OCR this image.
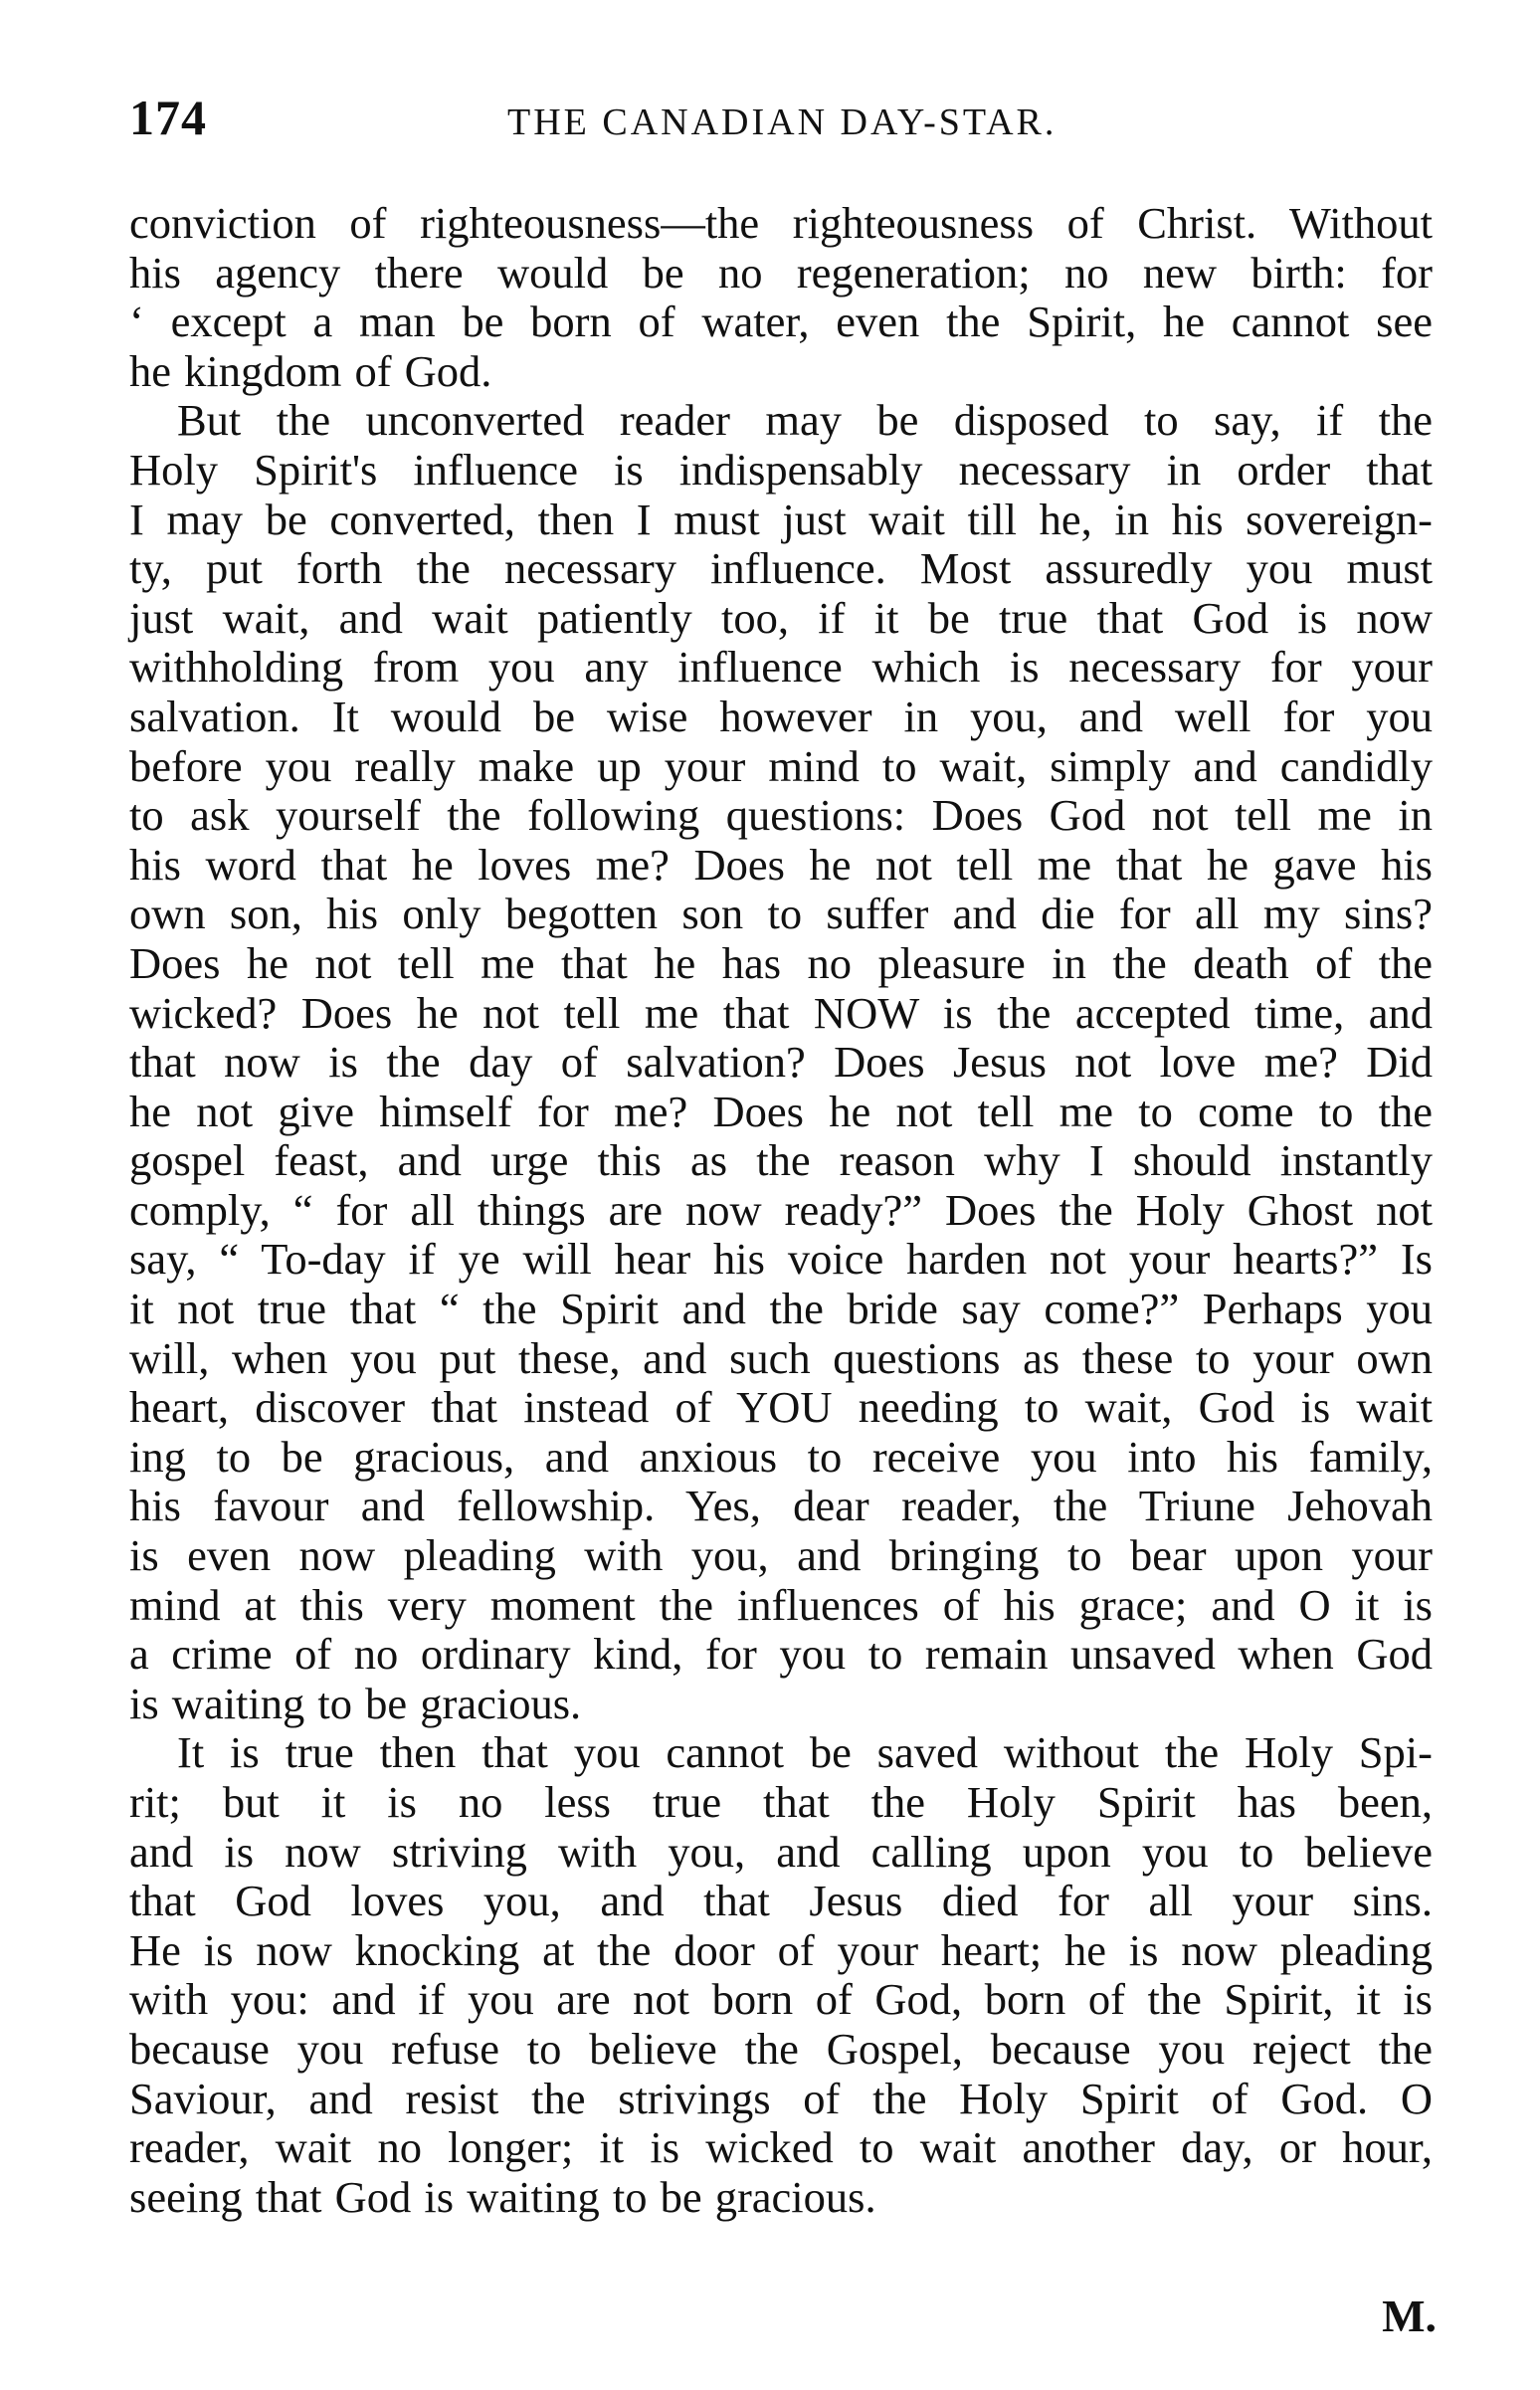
174	THE CANADIAN DAY-STAR.
conviction of righteousness—the righteousness of Christ. Without
his agency there would be no regeneration; no new birth: for
‘ except a man be born of water, even the Spirit, he cannot see
he kingdom of God.
But the unconverted reader may be disposed to say, if the
Holy Spirit's influence is indispensably necessary in order that
I may be converted, then I must just wait till he, in his sovereign-
ty, put forth the necessary influence. Most assuredly you must
just wait, and wait patiently too, if it be true that God is now
withholding from you any influence which is necessary for your
salvation. It would be wise however in you, and well for you
before you really make up your mind to wait, simply and candidly
to ask yourself the following questions: Does God not tell me in
his word that he loves me? Does he not tell me that he gave his
own son, his only begotten son to suffer and die for all my sins?
Does he not tell me that he has no pleasure in the death of the
wicked? Does he not tell me that NOW is the accepted time, and
that now is the day of salvation? Does Jesus not love me? Did
he not give himself for me? Does he not tell me to come to the
gospel feast, and urge this as the reason why I should instantly
comply, “ for all things are now ready?” Does the Holy Ghost not
say, “ To-day if ye will hear his voice harden not your hearts?” Is
it not true that “ the Spirit and the bride say come?” Perhaps you
will, when you put these, and such questions as these to your own
heart, discover that instead of YOU needing to wait, God is wait
ing to be gracious, and anxious to receive you into his family,
his favour and fellowship. Yes, dear reader, the Triune Jehovah
is even now pleading with you, and bringing to bear upon your
mind at this very moment the influences of his grace; and O it is
a crime of no ordinary kind, for you to remain unsaved when God
is waiting to be gracious.
It is true then that you cannot be saved without the Holy Spi-
rit; but it is no less true that the Holy Spirit has been,
and is now striving with you, and calling upon you to believe
that God loves you, and that Jesus died for all your sins.
He is now knocking at the door of your heart; he is now pleading
with you: and if you are not born of God, born of the Spirit, it is
because you refuse to believe the Gospel, because you reject the
Saviour, and resist the strivings of the Holy Spirit of God. O
reader, wait no longer; it is wicked to wait another day, or hour,
seeing that God is waiting to be gracious.
M.
